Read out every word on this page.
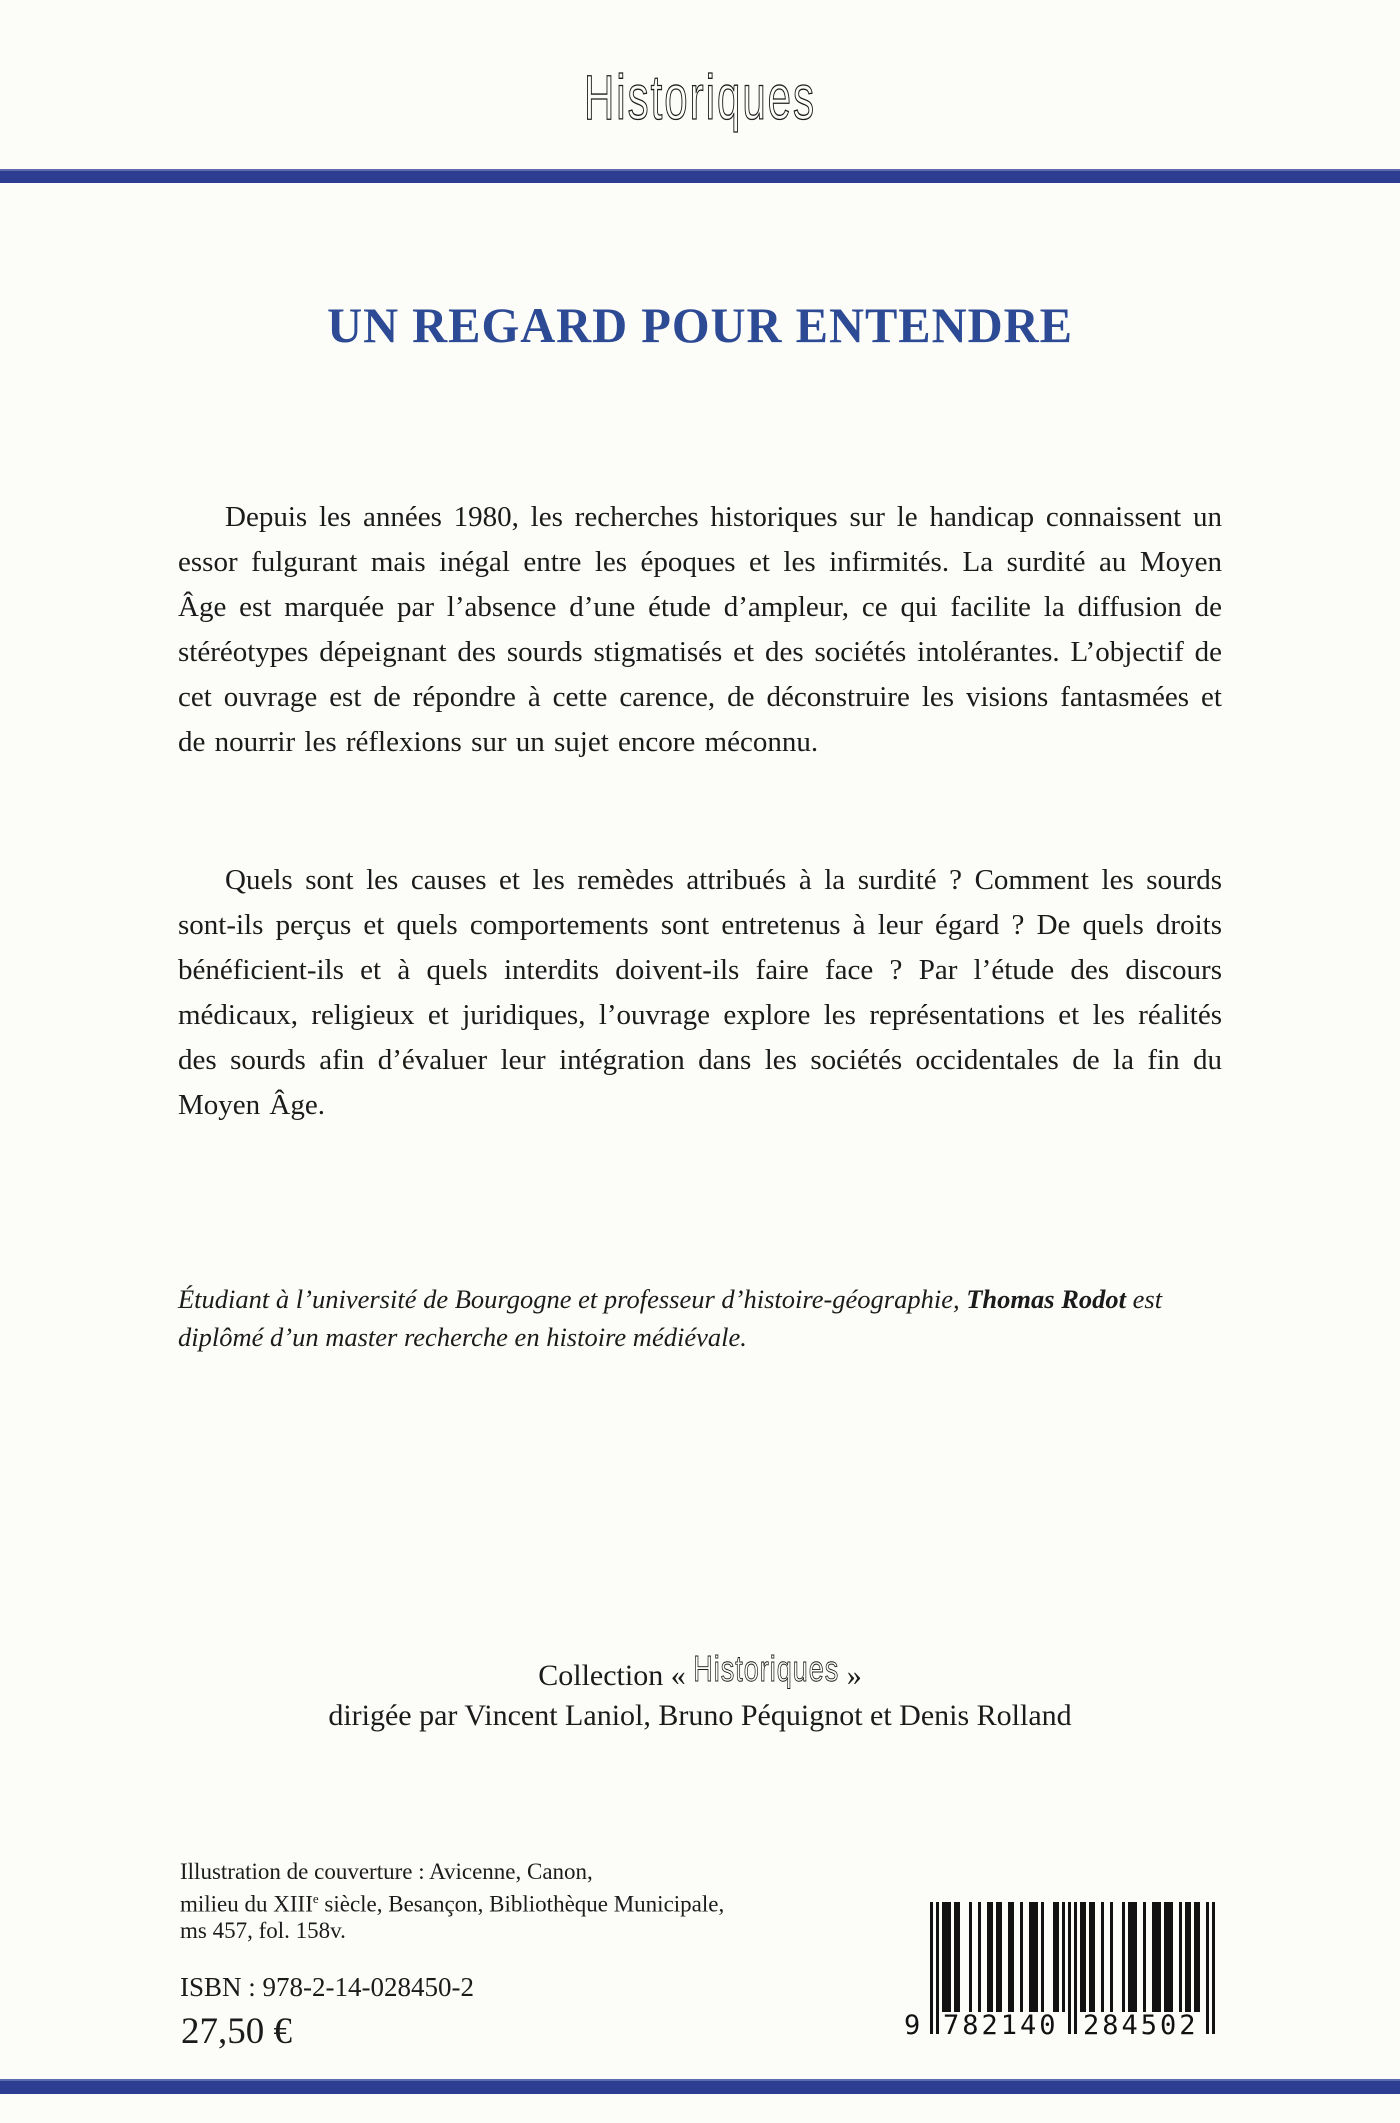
Historiques
UN REGARD POUR ENTENDRE

Depuis les années 1980, les recherches historiques sur le handicap connaissent un essor fulgurant mais inégal entre les époques et les infirmités. La surdité au Moyen Âge est marquée par l’absence d’une étude d’ampleur, ce qui facilite la diffusion de stéréotypes dépeignant des sourds stigmatisés et des sociétés intolérantes. L’objectif de cet ouvrage est de répondre à cette carence, de déconstruire les visions fantasmées et de nourrir les réflexions sur un sujet encore méconnu.

Quels sont les causes et les remèdes attribués à la surdité ? Comment les sourds sont-ils perçus et quels comportements sont entretenus à leur égard ? De quels droits bénéficient-ils et à quels interdits doivent-ils faire face ? Par l’étude des discours médicaux, religieux et juridiques, l’ouvrage explore les représentations et les réalités des sourds afin d’évaluer leur intégration dans les sociétés occidentales de la fin du Moyen Âge.

Étudiant à l’université de Bourgogne et professeur d’histoire-géographie, Thomas Rodot est diplômé d’un master recherche en histoire médiévale.

Collection « Historiques »
dirigée par Vincent Laniol, Bruno Péquignot et Denis Rolland
Illustration de couverture : Avicenne, Canon,
milieu du XIIIe siècle, Besançon, Bibliothèque Municipale,
ms 457, fol. 158v.
ISBN : 978-2-14-028450-2
27,50 €	9 782140 284502
